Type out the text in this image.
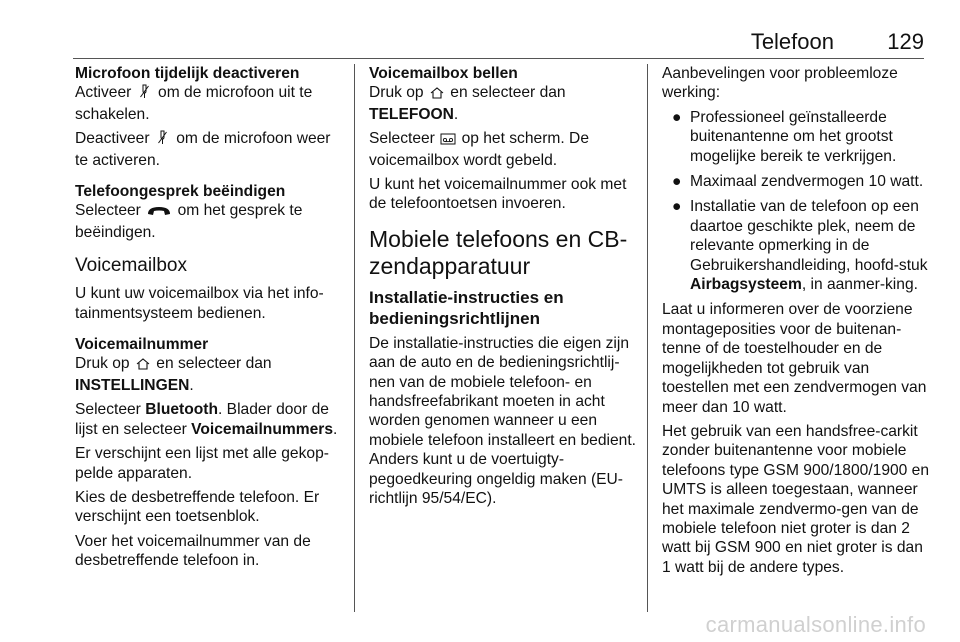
Telefoon 129

Microfoon tijdelijk deactiveren

Activeer om de microfoon uit te schakelen.

Deactiveer om de microfoon weer te activeren.

Telefoongesprek beëindigen

Selecteer om het gesprek te beëindigen.

Voicemailbox

U kunt uw voicemailbox via het info-tainmentsysteem bedienen.

Voicemailnummer

Druk op en selecteer dan INSTELLINGEN.

Selecteer Bluetooth. Blader door de lijst en selecteer Voicemailnummers.

Er verschijnt een lijst met alle gekop-pelde apparaten.

Kies de desbetreffende telefoon. Er verschijnt een toetsenblok.

Voer het voicemailnummer van de desbetreffende telefoon in.

Voicemailbox bellen

Druk op en selecteer dan
TELEFOON.

Selecteer op het scherm. De voicemailbox wordt gebeld.

U kunt het voicemailnummer ook met de telefoontoetsen invoeren.

Mobiele telefoons en CB-zendapparatuur
Installatie-instructies en bedieningsrichtlijnen

De installatie-instructies die eigen zijn aan de auto en de bedieningsrichtlij-nen van de mobiele telefoon- en handsfreefabrikant moeten in acht worden genomen wanneer u een mobiele telefoon installeert en bedient. Anders kunt u de voertuigty-pegoedkeuring ongeldig maken (EU-richtlijn 95/54/EC).

Aanbevelingen voor probleemloze werking:

● Professioneel geïnstalleerde buitenantenne om het grootst mogelijke bereik te verkrijgen.
● Maximaal zendvermogen 10 watt.
● Installatie van de telefoon op een daartoe geschikte plek, neem de relevante opmerking in de Gebruikershandleiding, hoofd-stuk Airbagsysteem, in aanmer-king.

Laat u informeren over de voorziene montageposities voor de buitenan-tenne of de toestelhouder en de mogelijkheden tot gebruik van toestellen met een zendvermogen van meer dan 10 watt.

Het gebruik van een handsfree-carkit zonder buitenantenne voor mobiele telefoons type GSM 900/1800/1900 en UMTS is alleen toegestaan, wanneer het maximale zendvermo-gen van de mobiele telefoon niet groter is dan 2 watt bij GSM 900 en niet groter is dan 1 watt bij de andere types.

carmanualsonline.info
